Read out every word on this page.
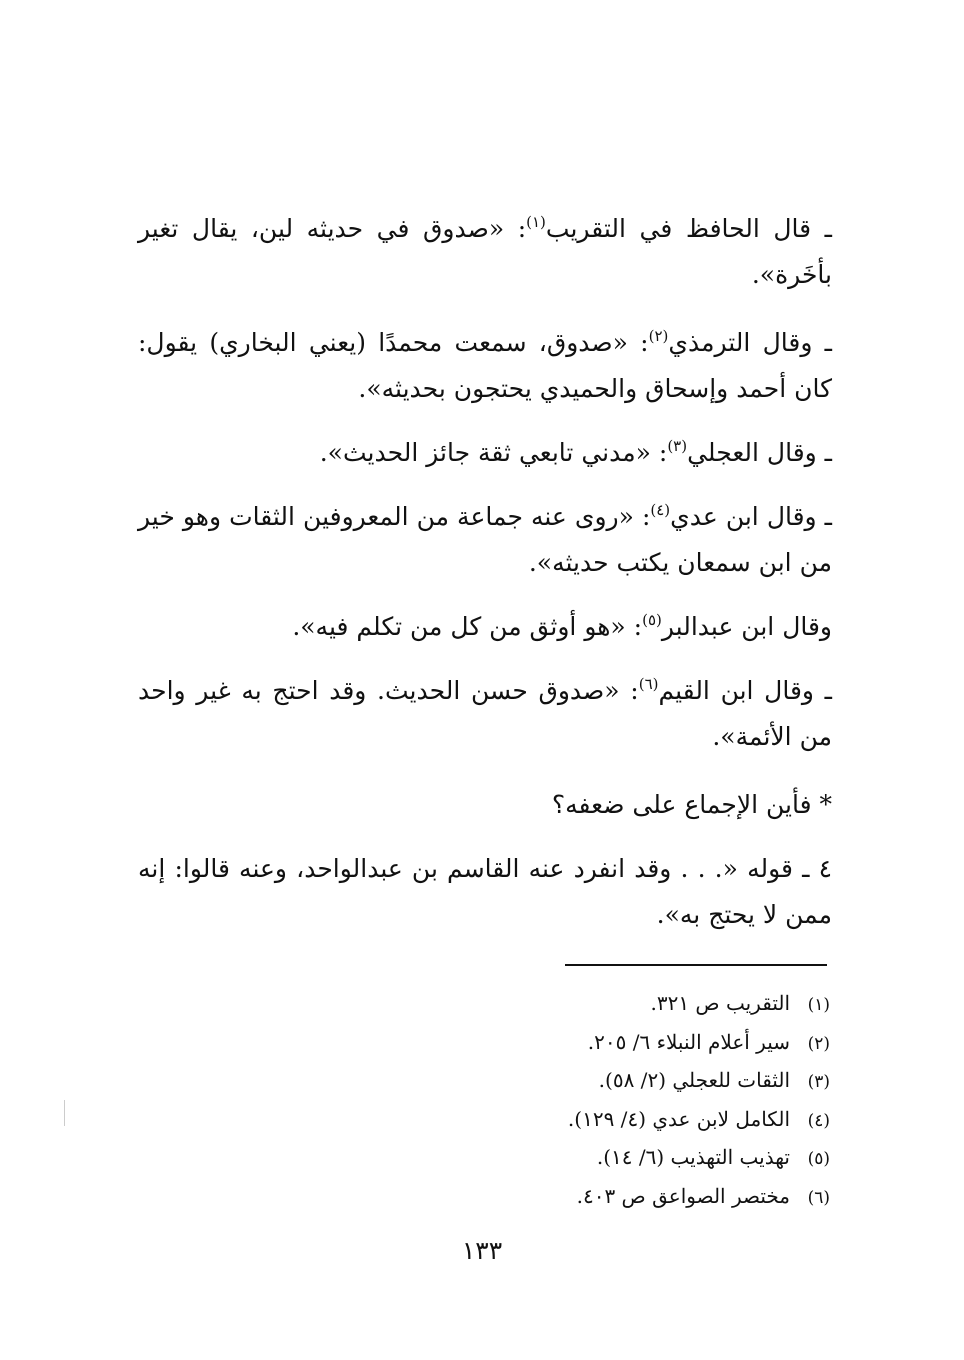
ـ قال الحافظ في التقريب$^{(١)}$: «صدوق في حديثه لين، يقال تغير بأخَرة».

ـ وقال الترمذي$^{(٢)}$: «صدوق، سمعت محمدًا (يعني البخاري) يقول: كان أحمد وإسحاق والحميدي يحتجون بحديثه».

ـ وقال العجلي$^{(٣)}$: «مدني تابعي ثقة جائز الحديث».

ـ وقال ابن عدي$^{(٤)}$: «روى عنه جماعة من المعروفين الثقات وهو خير من ابن سمعان يكتب حديثه».

وقال ابن عبدالبر$^{(٥)}$: «هو أوثق من كل من تكلم فيه».

ـ وقال ابن القيم$^{(٦)}$: «صدوق حسن الحديث. وقد احتج به غير واحد من الأئمة».

* فأين الإجماع على ضعفه؟

٤ ـ قوله «. . . وقد انفرد عنه القاسم بن عبدالواحد، وعنه قالوا: إنه ممن لا يحتج به».

(١)التقريب ص ٣٢١.
(٢)سير أعلام النبلاء ٦/ ٢٠٥.
(٣)الثقات للعجلي (٢/ ٥٨).
(٤)الكامل لابن عدي (٤/ ١٢٩).
(٥)تهذيب التهذيب (٦/ ١٤).
(٦)مختصر الصواعق ص ٤٠٣.
١٣٣
